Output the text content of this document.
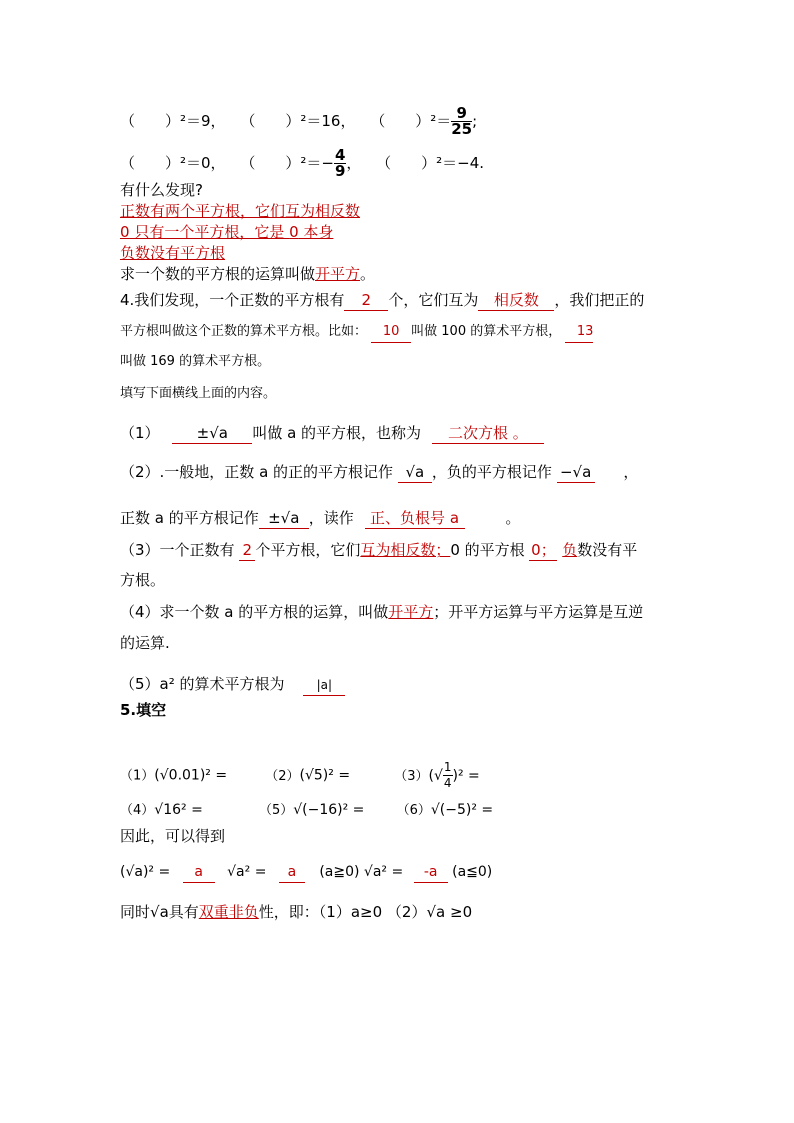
（　　）²＝9， （　　）²＝16， （　　）$^2= \frac{9}{25}$ ;
（　　）²＝0， （　　）$^2=- \frac{4}{9}$ ， （　　）²＝−4.
有什么发现?
正数有两个平方根，它们互为相反数
0 只有一个平方根，它是 0 本身
负数没有平方根
求一个数的平方根的运算叫做开平方。
4.我们发现，一个正数的平方根有 2 个，它们互为 相反数 ，我们把正的
平方根叫做这个正数的算术平方根。比如： 10 叫做 100 的算术平方根， 13
叫做 169 的算术平方根。
填写下面横线上面的内容。
（1） ±√a 叫做 a 的平方根，也称为 二次方根 。
（2）.一般地，正数 a 的正的平方根记作 √a ，负的平方根记作 −√a ，
正数 a 的平方根记作 ±√a ，读作 正、负根号 a	。
（3）一个正数有 2 个平方根，它们互为相反数；0 的平方根 0； 负数没有平
方根。
（4）求一个数 a 的平方根的运算，叫做开平方；开平方运算与平方运算是互逆
的运算.
（5）a² 的算术平方根为	|a|
5.填空
（1）(√0.01)² =	（2）(√5)² =	$(3)(√ \frac{1}{4} )^2$ =
（4）√16² =	（5）√(−16)² = （6）√(−5)² =
因此，可以得到
(√a)² = a √a² = a (a≧0) √a² = -a (a≦0)
同时√a具有双重非负性，即：（1）a≥0 （2）√a ≥0
